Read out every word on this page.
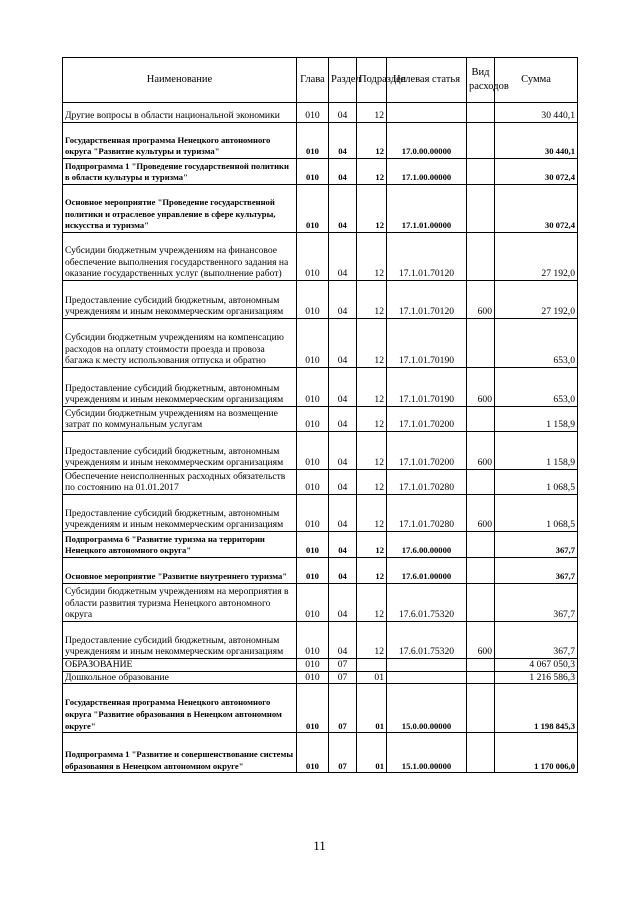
Наименование	Глава	Раздел	Подраздел	Целевая статья	Вид расходов	Сумма
Другие вопросы в области национальной экономики	010	04	12			30 440,1
Государственная программа Ненецкого автономного округа "Развитие культуры и туризма"	010	04	12	17.0.00.00000		30 440,1
Подпрограмма 1 "Проведение государственной политики в области культуры и туризма"	010	04	12	17.1.00.00000		30 072,4
Основное мероприятие "Проведение государственной политики и отраслевое управление в сфере культуры, искусства и туризма"	010	04	12	17.1.01.00000		30 072,4
Субсидии бюджетным учреждениям на финансовое обеспечение выполнения государственного задания на оказание государственных услуг (выполнение работ)	010	04	12	17.1.01.70120		27 192,0
Предоставление субсидий бюджетным, автономным учреждениям и иным некоммерческим организациям	010	04	12	17.1.01.70120	600	27 192,0
Субсидии бюджетным учреждениям на компенсацию расходов на оплату стоимости проезда и провоза багажа к месту использования отпуска и обратно	010	04	12	17.1.01.70190		653,0
Предоставление субсидий бюджетным, автономным учреждениям и иным некоммерческим организациям	010	04	12	17.1.01.70190	600	653,0
Субсидии бюджетным учреждениям на возмещение затрат по коммунальным услугам	010	04	12	17.1.01.70200		1 158,9
Предоставление субсидий бюджетным, автономным учреждениям и иным некоммерческим организациям	010	04	12	17.1.01.70200	600	1 158,9
Обеспечение неисполненных расходных обязательств по состоянию на 01.01.2017	010	04	12	17.1.01.70280		1 068,5
Предоставление субсидий бюджетным, автономным учреждениям и иным некоммерческим организациям	010	04	12	17.1.01.70280	600	1 068,5
Подпрограмма 6 "Развитие туризма на территории Ненецкого автономного округа"	010	04	12	17.6.00.00000		367,7
Основное мероприятие "Развитие внутреннего туризма"	010	04	12	17.6.01.00000		367,7
Субсидии бюджетным учреждениям на мероприятия в области развития туризма Ненецкого автономного округа	010	04	12	17.6.01.75320		367,7
Предоставление субсидий бюджетным, автономным учреждениям и иным некоммерческим организациям	010	04	12	17.6.01.75320	600	367,7
ОБРАЗОВАНИЕ	010	07				4 067 050,3
Дошкольное образование	010	07	01			1 216 586,3
Государственная программа Ненецкого автономного округа "Развитие образования в Ненецком автономном округе"	010	07	01	15.0.00.00000		1 198 845,3
Подпрограмма 1 "Развитие и совершенствование системы образования в Ненецком автономном округе"	010	07	01	15.1.00.00000		1 170 006,0
11
